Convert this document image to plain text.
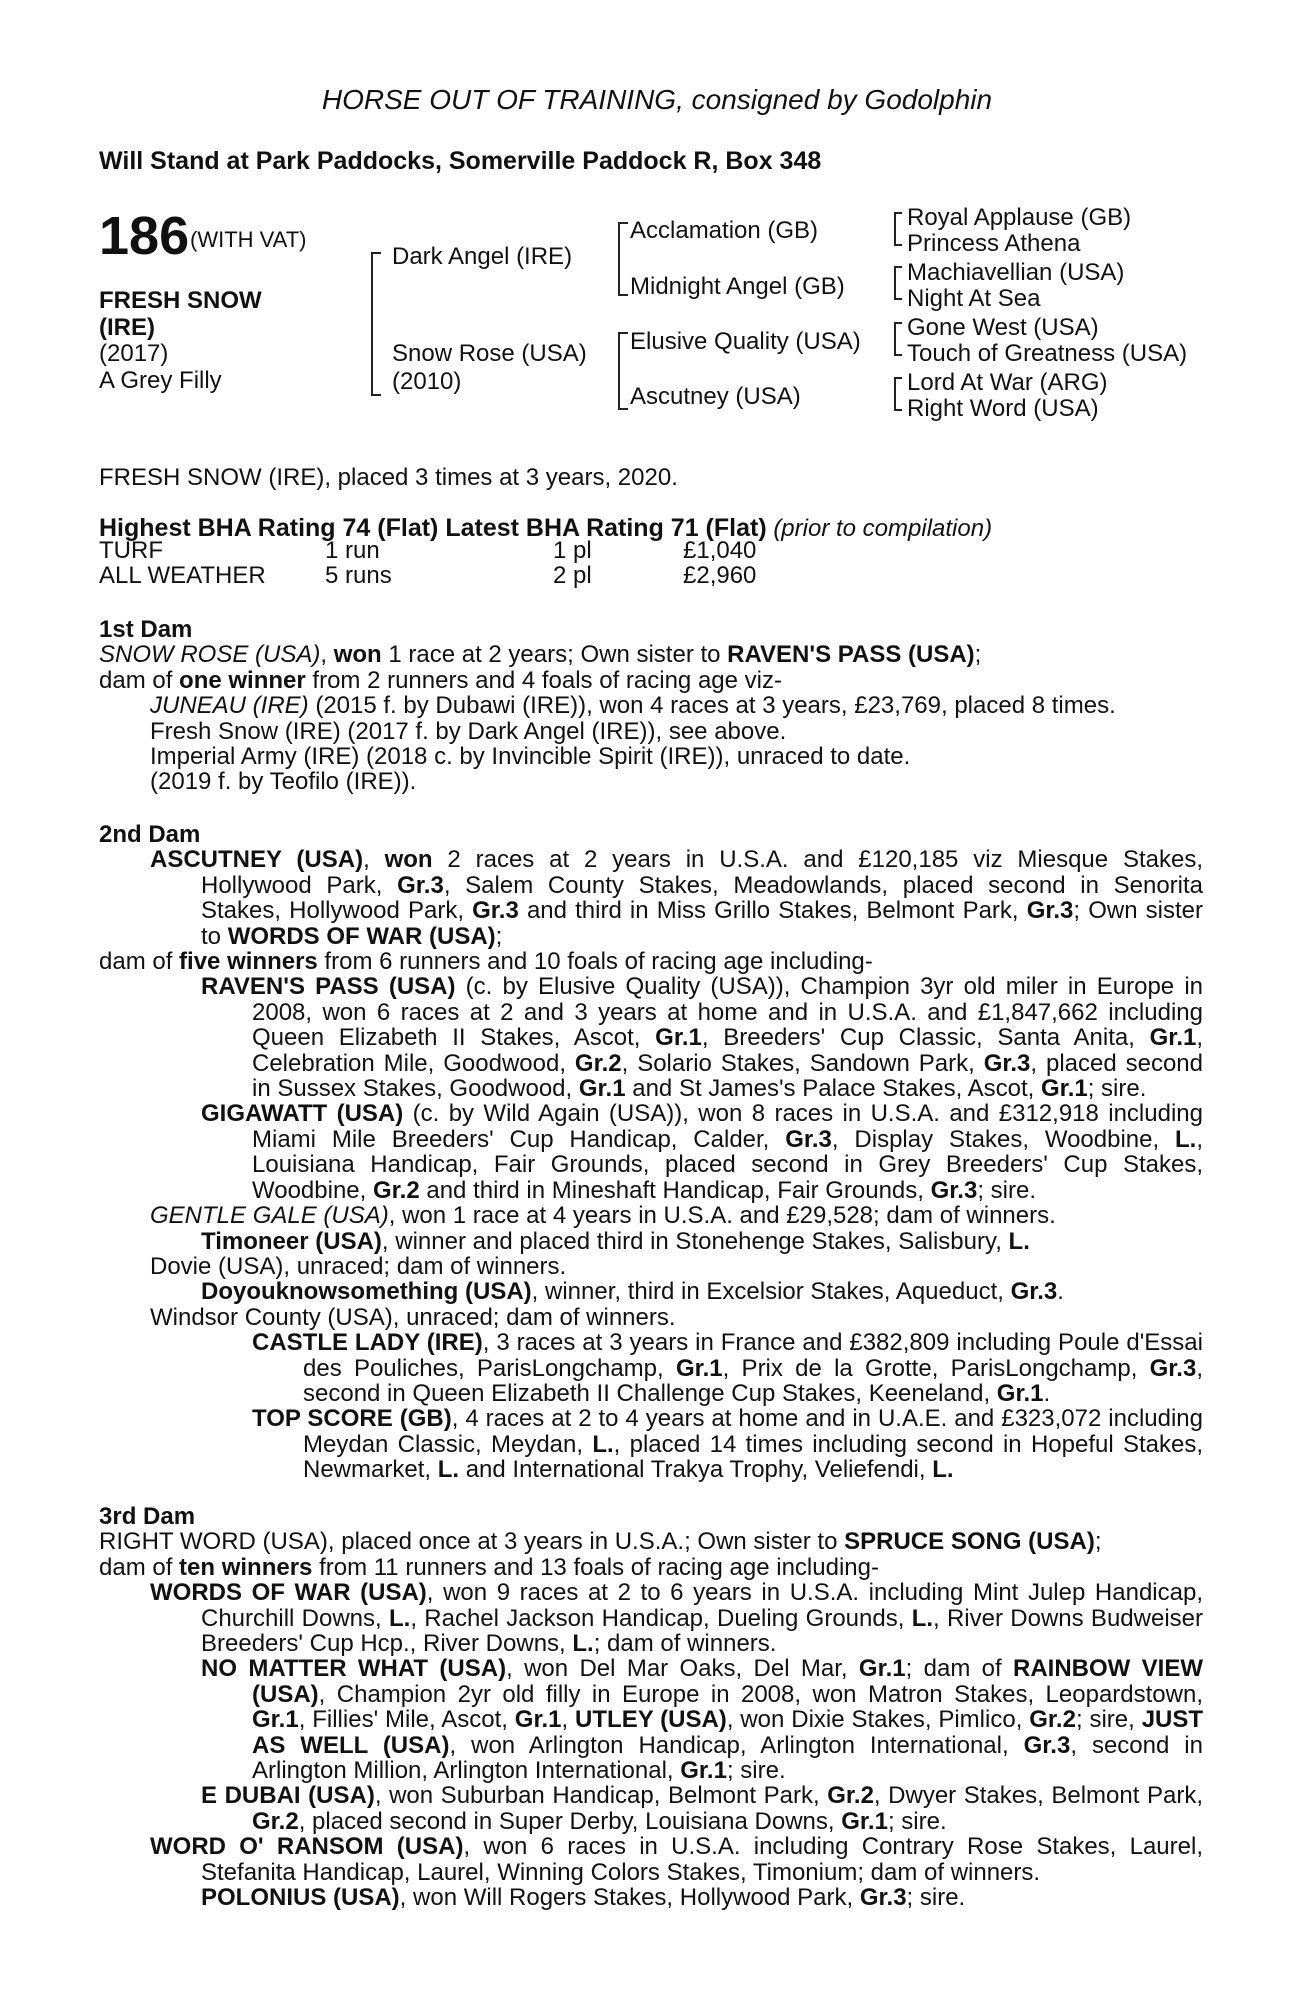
HORSE OUT OF TRAINING, consigned by Godolphin
Will Stand at Park Paddocks, Somerville Paddock R, Box 348
186 (WITH VAT)
FRESH SNOW
(IRE)
(2017)
A Grey Filly
Dark Angel (IRE)
Snow Rose (USA)
(2010)
Acclamation (GB)
Midnight Angel (GB)
Elusive Quality (USA)
Ascutney (USA)
Royal Applause (GB)
Princess Athena
Machiavellian (USA)
Night At Sea
Gone West (USA)
Touch of Greatness (USA)
Lord At War (ARG)
Right Word (USA)
FRESH SNOW (IRE), placed 3 times at 3 years, 2020.
Highest BHA Rating 74 (Flat) Latest BHA Rating 71 (Flat) (prior to compilation)
TURF	1 run	1 pl	£1,040
ALL WEATHER 5 runs	2 pl	£2,960

1st Dam

SNOW ROSE (USA), won 1 race at 2 years; Own sister to RAVEN'S PASS (USA);

dam of one winner from 2 runners and 4 foals of racing age viz-

JUNEAU (IRE) (2015 f. by Dubawi (IRE)), won 4 races at 3 years, £23,769, placed 8 times.

Fresh Snow (IRE) (2017 f. by Dark Angel (IRE)), see above.

Imperial Army (IRE) (2018 c. by Invincible Spirit (IRE)), unraced to date.

(2019 f. by Teofilo (IRE)).

2nd Dam

ASCUTNEY (USA), won 2 races at 2 years in U.S.A. and £120,185 viz Miesque Stakes, Hollywood Park, Gr.3, Salem County Stakes, Meadowlands, placed second in Senorita Stakes, Hollywood Park, Gr.3 and third in Miss Grillo Stakes, Belmont Park, Gr.3; Own sister to WORDS OF WAR (USA);

dam of five winners from 6 runners and 10 foals of racing age including-

RAVEN'S PASS (USA) (c. by Elusive Quality (USA)), Champion 3yr old miler in Europe in 2008, won 6 races at 2 and 3 years at home and in U.S.A. and £1,847,662 including Queen Elizabeth II Stakes, Ascot, Gr.1, Breeders' Cup Classic, Santa Anita, Gr.1, Celebration Mile, Goodwood, Gr.2, Solario Stakes, Sandown Park, Gr.3, placed second in Sussex Stakes, Goodwood, Gr.1 and St James's Palace Stakes, Ascot, Gr.1; sire.

GIGAWATT (USA) (c. by Wild Again (USA)), won 8 races in U.S.A. and £312,918 including Miami Mile Breeders' Cup Handicap, Calder, Gr.3, Display Stakes, Woodbine, L., Louisiana Handicap, Fair Grounds, placed second in Grey Breeders' Cup Stakes, Woodbine, Gr.2 and third in Mineshaft Handicap, Fair Grounds, Gr.3; sire.

GENTLE GALE (USA), won 1 race at 4 years in U.S.A. and £29,528; dam of winners.

Timoneer (USA), winner and placed third in Stonehenge Stakes, Salisbury, L.

Dovie (USA), unraced; dam of winners.

Doyouknowsomething (USA), winner, third in Excelsior Stakes, Aqueduct, Gr.3.

Windsor County (USA), unraced; dam of winners.

CASTLE LADY (IRE), 3 races at 3 years in France and £382,809 including Poule d'Essai des Pouliches, ParisLongchamp, Gr.1, Prix de la Grotte, ParisLongchamp, Gr.3, second in Queen Elizabeth II Challenge Cup Stakes, Keeneland, Gr.1.

TOP SCORE (GB), 4 races at 2 to 4 years at home and in U.A.E. and £323,072 including Meydan Classic, Meydan, L., placed 14 times including second in Hopeful Stakes, Newmarket, L. and International Trakya Trophy, Veliefendi, L.

3rd Dam

RIGHT WORD (USA), placed once at 3 years in U.S.A.; Own sister to SPRUCE SONG (USA);

dam of ten winners from 11 runners and 13 foals of racing age including-

WORDS OF WAR (USA), won 9 races at 2 to 6 years in U.S.A. including Mint Julep Handicap, Churchill Downs, L., Rachel Jackson Handicap, Dueling Grounds, L., River Downs Budweiser Breeders' Cup Hcp., River Downs, L.; dam of winners.

NO MATTER WHAT (USA), won Del Mar Oaks, Del Mar, Gr.1; dam of RAINBOW VIEW (USA), Champion 2yr old filly in Europe in 2008, won Matron Stakes, Leopardstown, Gr.1, Fillies' Mile, Ascot, Gr.1, UTLEY (USA), won Dixie Stakes, Pimlico, Gr.2; sire, JUST AS WELL (USA), won Arlington Handicap, Arlington International, Gr.3, second in Arlington Million, Arlington International, Gr.1; sire.

E DUBAI (USA), won Suburban Handicap, Belmont Park, Gr.2, Dwyer Stakes, Belmont Park, Gr.2, placed second in Super Derby, Louisiana Downs, Gr.1; sire.

WORD O' RANSOM (USA), won 6 races in U.S.A. including Contrary Rose Stakes, Laurel, Stefanita Handicap, Laurel, Winning Colors Stakes, Timonium; dam of winners.

POLONIUS (USA), won Will Rogers Stakes, Hollywood Park, Gr.3; sire.
